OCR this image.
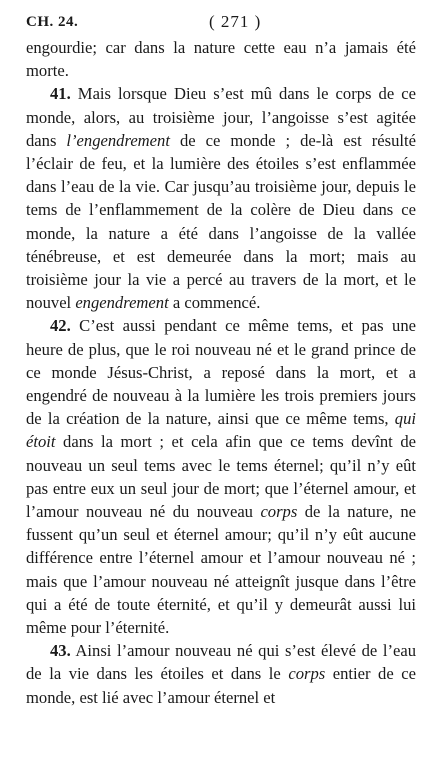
CH. 24.	( 271 )

engourdie; car dans la nature cette eau n’a jamais été morte.

41. Mais lorsque Dieu s’est mû dans le corps de ce monde, alors, au troisième jour, l’angoisse s’est agitée dans l’engendrement de ce monde ; de-là est résulté l’éclair de feu, et la lumière des étoiles s’est enflammée dans l’eau de la vie. Car jusqu’au troisième jour, depuis le tems de l’enflammement de la colère de Dieu dans ce monde, la nature a été dans l’angoisse de la vallée ténébreuse, et est demeurée dans la mort; mais au troisième jour la vie a percé au travers de la mort, et le nouvel engendrement a commencé.

42. C’est aussi pendant ce même tems, et pas une heure de plus, que le roi nouveau né et le grand prince de ce monde Jésus-Christ, a reposé dans la mort, et a engendré de nouveau à la lumière les trois premiers jours de la création de la nature, ainsi que ce même tems, qui étoit dans la mort ; et cela afin que ce tems devînt de nouveau un seul tems avec le tems éternel; qu’il n’y eût pas entre eux un seul jour de mort; que l’éternel amour, et l’amour nouveau né du nouveau corps de la nature, ne fussent qu’un seul et éternel amour; qu’il n’y eût aucune différence entre l’éternel amour et l’amour nouveau né ; mais que l’amour nouveau né atteignît jusque dans l’être qui a été de toute éternité, et qu’il y demeurât aussi lui même pour l’éternité.

43. Ainsi l’amour nouveau né qui s’est élevé de l’eau de la vie dans les étoiles et dans le corps entier de ce monde, est lié avec l’amour éternel et
